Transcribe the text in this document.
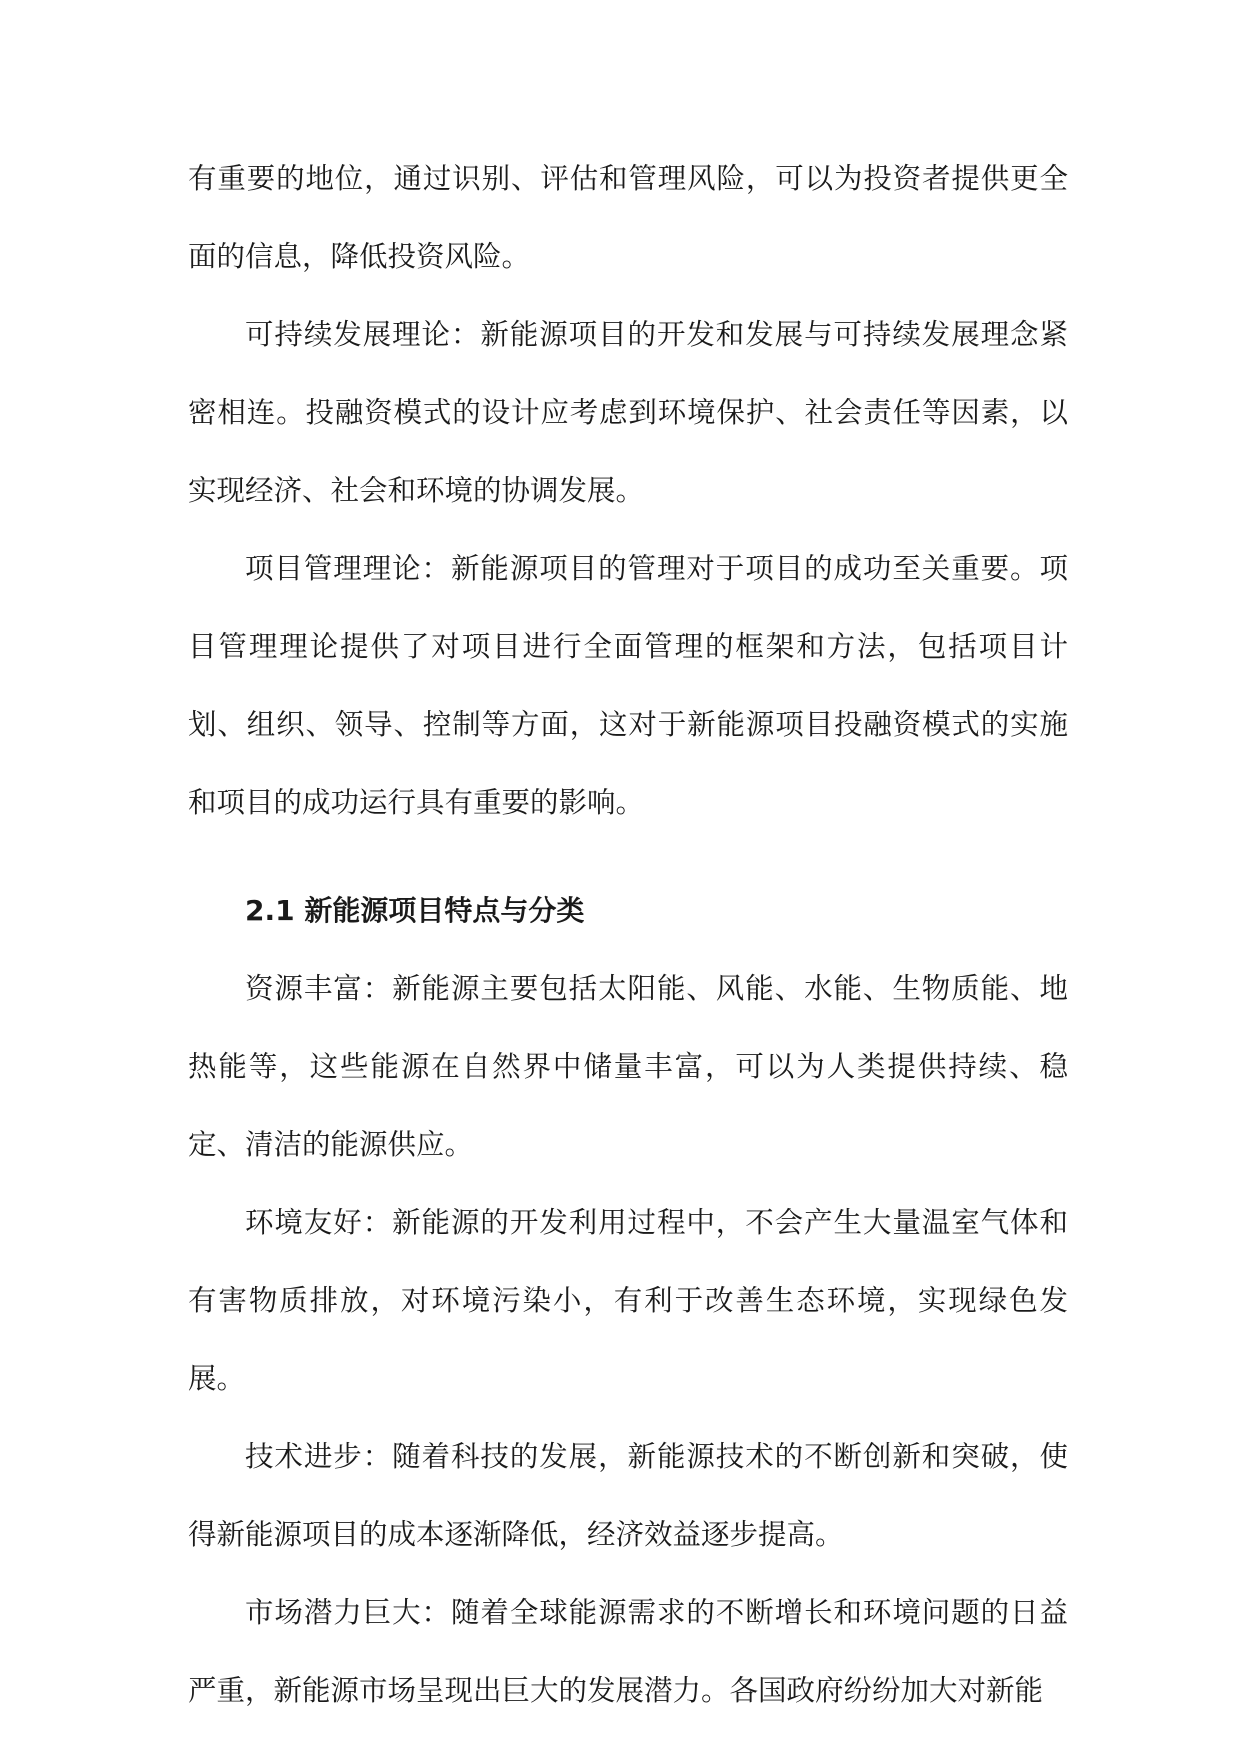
有重要的地位，通过识别、评估和管理风险，可以为投资者提供更全面的信息，降低投资风险。

可持续发展理论：新能源项目的开发和发展与可持续发展理念紧密相连。投融资模式的设计应考虑到环境保护、社会责任等因素，以实现经济、社会和环境的协调发展。

项目管理理论：新能源项目的管理对于项目的成功至关重要。项目管理理论提供了对项目进行全面管理的框架和方法，包括项目计划、组织、领导、控制等方面，这对于新能源项目投融资模式的实施和项目的成功运行具有重要的影响。

2.1 新能源项目特点与分类

资源丰富：新能源主要包括太阳能、风能、水能、生物质能、地热能等，这些能源在自然界中储量丰富，可以为人类提供持续、稳定、清洁的能源供应。

环境友好：新能源的开发利用过程中，不会产生大量温室气体和有害物质排放，对环境污染小，有利于改善生态环境，实现绿色发展。

技术进步：随着科技的发展，新能源技术的不断创新和突破，使得新能源项目的成本逐渐降低，经济效益逐步提高。

市场潜力巨大：随着全球能源需求的不断增长和环境问题的日益严重，新能源市场呈现出巨大的发展潜力。各国政府纷纷加大对新能
